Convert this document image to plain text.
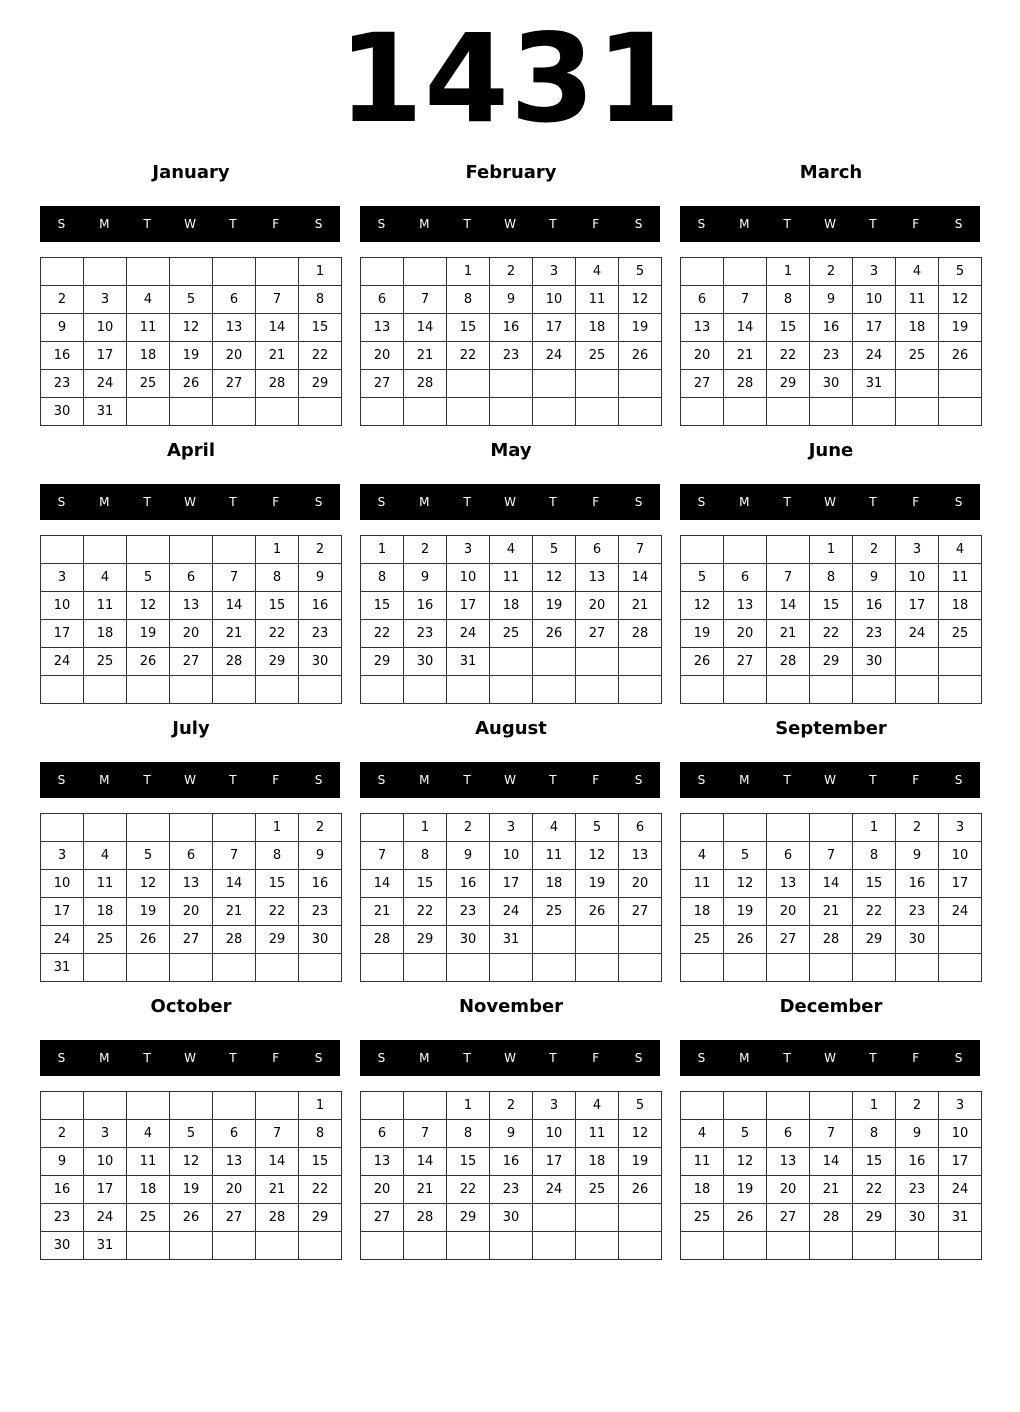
1431
January
S	M	T	W	T	F	S
						1
2	3	4	5	6	7	8
9	10	11	12	13	14	15
16	17	18	19	20	21	22
23	24	25	26	27	28	29
30	31					
February
S	M	T	W	T	F	S
		1	2	3	4	5
6	7	8	9	10	11	12
13	14	15	16	17	18	19
20	21	22	23	24	25	26
27	28					

March
S	M	T	W	T	F	S
		1	2	3	4	5
6	7	8	9	10	11	12
13	14	15	16	17	18	19
20	21	22	23	24	25	26
27	28	29	30	31		

April
S	M	T	W	T	F	S
					1	2
3	4	5	6	7	8	9
10	11	12	13	14	15	16
17	18	19	20	21	22	23
24	25	26	27	28	29	30

May
S	M	T	W	T	F	S
1	2	3	4	5	6	7
8	9	10	11	12	13	14
15	16	17	18	19	20	21
22	23	24	25	26	27	28
29	30	31				

June
S	M	T	W	T	F	S
			1	2	3	4
5	6	7	8	9	10	11
12	13	14	15	16	17	18
19	20	21	22	23	24	25
26	27	28	29	30		

July
S	M	T	W	T	F	S
					1	2
3	4	5	6	7	8	9
10	11	12	13	14	15	16
17	18	19	20	21	22	23
24	25	26	27	28	29	30
31						
August
S	M	T	W	T	F	S
	1	2	3	4	5	6
7	8	9	10	11	12	13
14	15	16	17	18	19	20
21	22	23	24	25	26	27
28	29	30	31			

September
S	M	T	W	T	F	S
				1	2	3
4	5	6	7	8	9	10
11	12	13	14	15	16	17
18	19	20	21	22	23	24
25	26	27	28	29	30	

October
S	M	T	W	T	F	S
						1
2	3	4	5	6	7	8
9	10	11	12	13	14	15
16	17	18	19	20	21	22
23	24	25	26	27	28	29
30	31					
November
S	M	T	W	T	F	S
		1	2	3	4	5
6	7	8	9	10	11	12
13	14	15	16	17	18	19
20	21	22	23	24	25	26
27	28	29	30			

December
S	M	T	W	T	F	S
				1	2	3
4	5	6	7	8	9	10
11	12	13	14	15	16	17
18	19	20	21	22	23	24
25	26	27	28	29	30	31
